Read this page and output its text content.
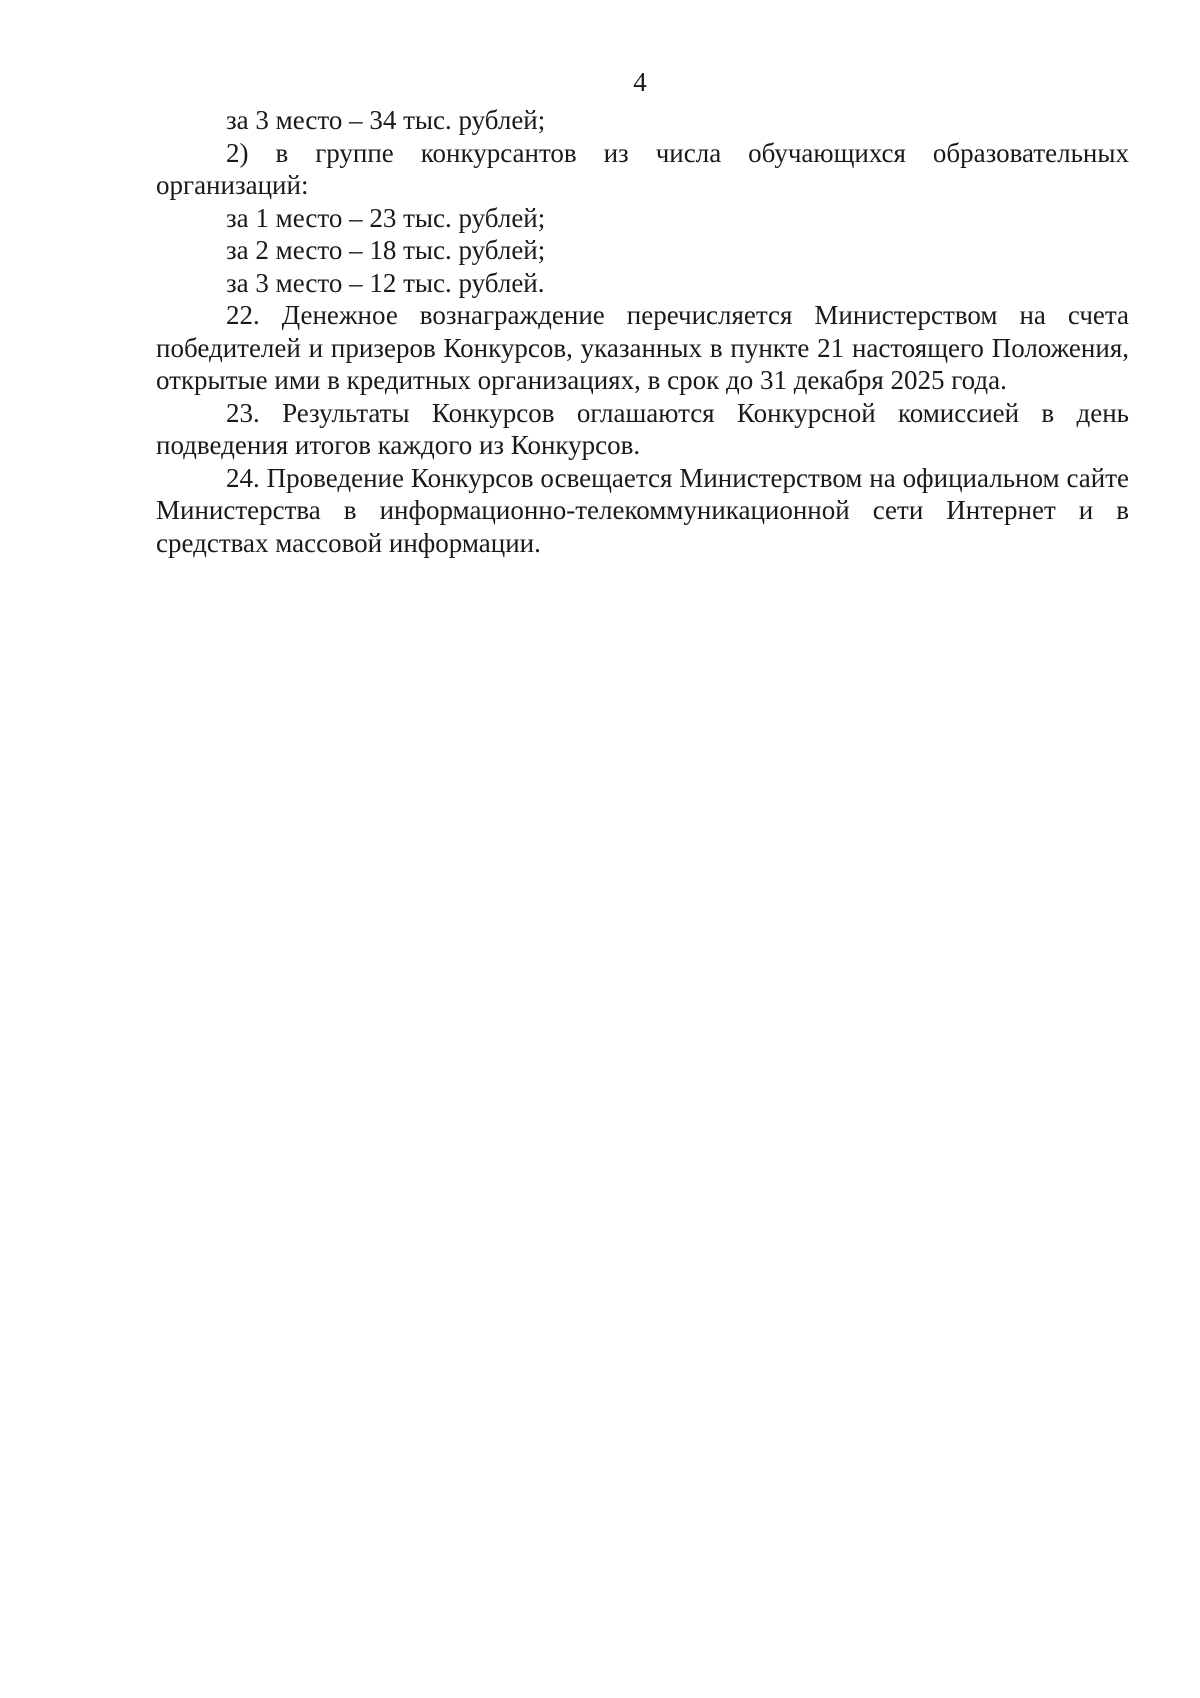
4

за 3 место – 34 тыс. рублей;

2) в группе конкурсантов из числа обучающихся образовательных организаций:

за 1 место – 23 тыс. рублей;

за 2 место – 18 тыс. рублей;

за 3 место – 12 тыс. рублей.

22. Денежное вознаграждение перечисляется Министерством на счета победителей и призеров Конкурсов, указанных в пункте 21 настоящего Положения, открытые ими в кредитных организациях, в срок до 31 декабря 2025 года.

23. Результаты Конкурсов оглашаются Конкурсной комиссией в день подведения итогов каждого из Конкурсов.

24. Проведение Конкурсов освещается Министерством на официальном сайте Министерства в информационно-телекоммуникационной сети Интернет и в средствах массовой информации.
